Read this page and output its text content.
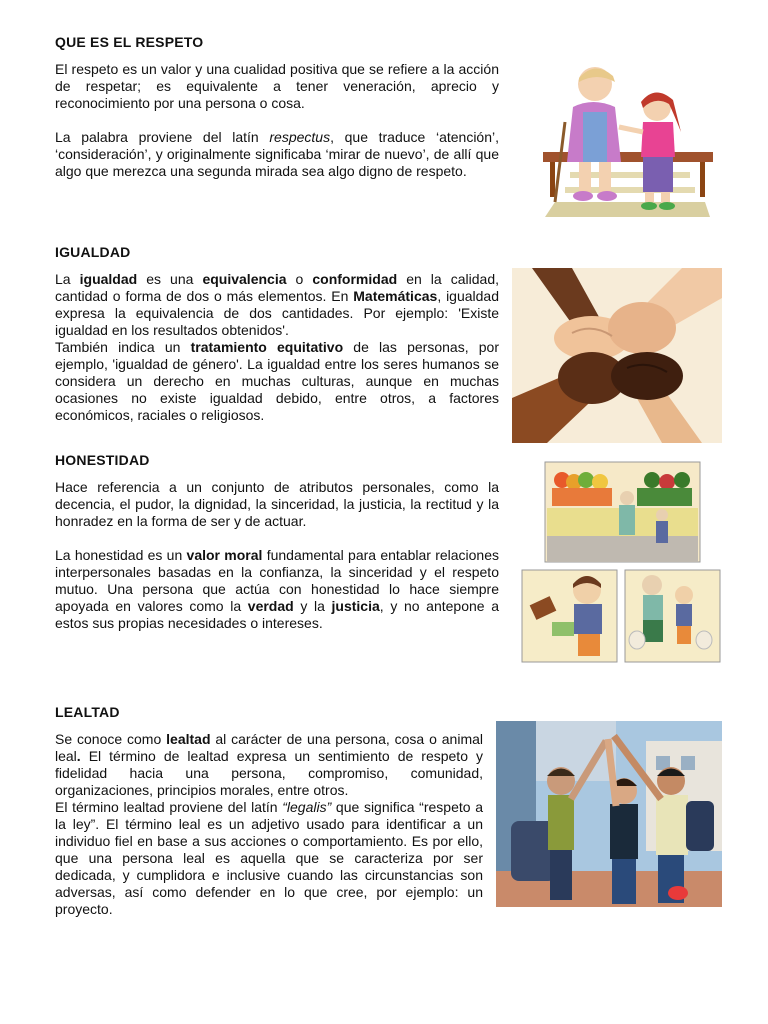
QUE ES EL RESPETO

El respeto es un valor y una cualidad positiva que se refiere a la acción de respetar; es equivalente a tener veneración, aprecio y reconocimiento por una persona o cosa.

La palabra proviene del latín respectus, que traduce ‘atención’, ‘consideración’, y originalmente significaba ‘mirar de nuevo’, de allí que algo que merezca una segunda mirada sea algo digno de respeto.

IGUALDAD

La igualdad es una equivalencia o conformidad en la calidad, cantidad o forma de dos o más elementos. En Matemáticas, igualdad expresa la equivalencia de dos cantidades. Por ejemplo: 'Existe igualdad en los resultados obtenidos'.

También indica un tratamiento equitativo de las personas, por ejemplo, 'igualdad de género'. La igualdad entre los seres humanos se considera un derecho en muchas culturas, aunque en muchas ocasiones no existe igualdad debido, entre otros, a factores económicos, raciales o religiosos.

HONESTIDAD

Hace referencia a un conjunto de atributos personales, como la decencia, el pudor, la dignidad, la sinceridad, la justicia, la rectitud y la honradez en la forma de ser y de actuar.

La honestidad es un valor moral fundamental para entablar relaciones interpersonales basadas en la confianza, la sinceridad y el respeto mutuo. Una persona que actúa con honestidad lo hace siempre apoyada en valores como la verdad y la justicia, y no antepone a estos sus propias necesidades o intereses.

LEALTAD

Se conoce como lealtad al carácter de una persona, cosa o animal leal. El término de lealtad expresa un sentimiento de respeto y fidelidad hacia una persona, compromiso, comunidad, organizaciones, principios morales, entre otros.

El término lealtad proviene del latín “legalis” que significa “respeto a la ley”. El término leal es un adjetivo usado para identificar a un individuo fiel en base a sus acciones o comportamiento. Es por ello, que una persona leal es aquella que se caracteriza por ser dedicada, y cumplidora e inclusive cuando las circunstancias son adversas, así como defender en lo que cree, por ejemplo: un proyecto.
